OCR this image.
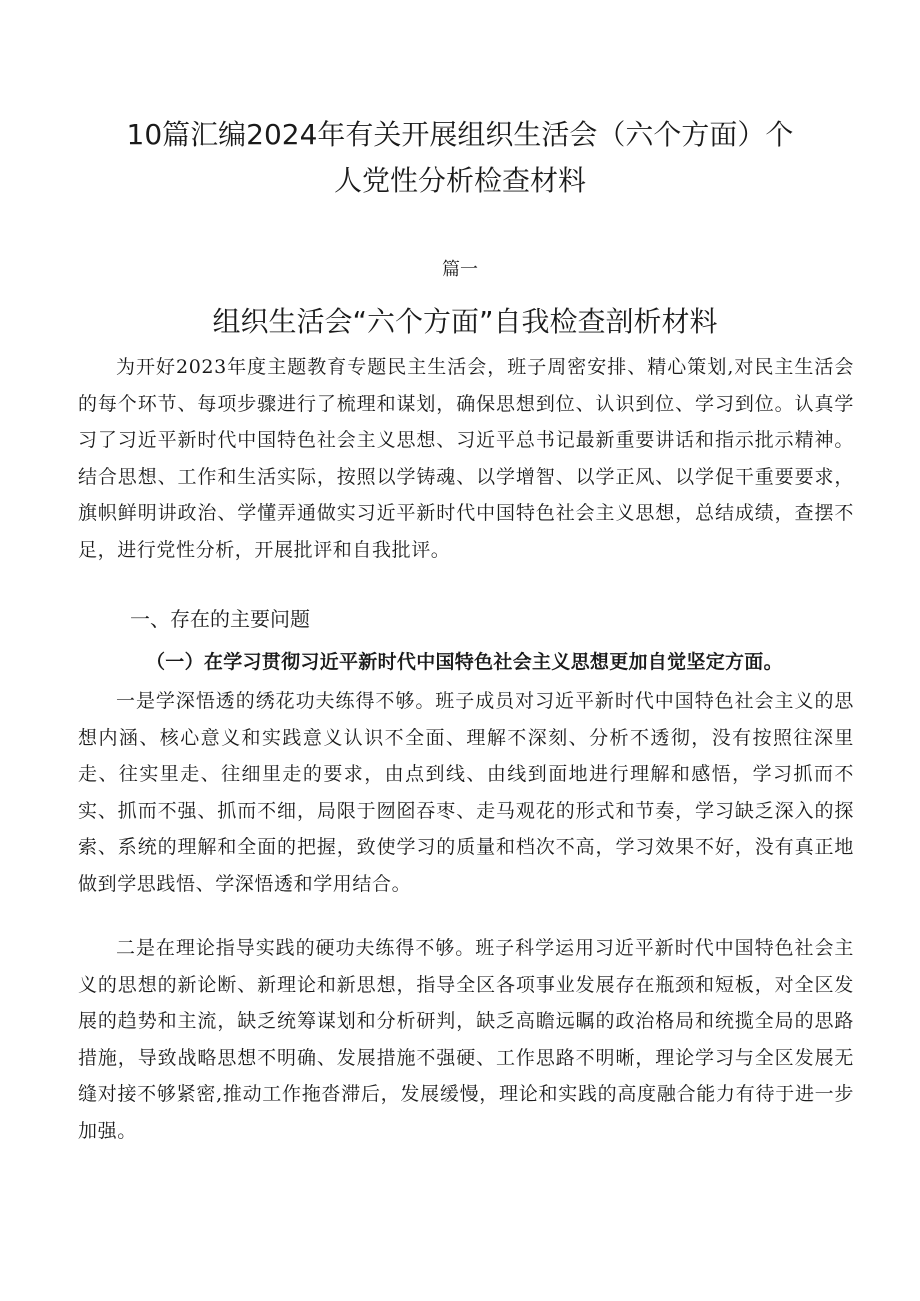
10篇汇编2024年有关开展组织生活会（六个方面）个
人党性分析检查材料

篇一

组织生活会“六个方面”自我检查剖析材料

为开好2023年度主题教育专题民主生活会，班子周密安排、精心策划,对民主生活会的每个环节、每项步骤进行了梳理和谋划，确保思想到位、认识到位、学习到位。认真学习了习近平新时代中国特色社会主义思想、习近平总书记最新重要讲话和指示批示精神。结合思想、工作和生活实际，按照以学铸魂、以学增智、以学正风、以学促干重要要求，旗帜鲜明讲政治、学懂弄通做实习近平新时代中国特色社会主义思想，总结成绩，查摆不足，进行党性分析，开展批评和自我批评。

一、存在的主要问题
（一）在学习贯彻习近平新时代中国特色社会主义思想更加自觉坚定方面。

一是学深悟透的绣花功夫练得不够。班子成员对习近平新时代中国特色社会主义的思想内涵、核心意义和实践意义认识不全面、理解不深刻、分析不透彻，没有按照往深里走、往实里走、往细里走的要求，由点到线、由线到面地进行理解和感悟，学习抓而不实、抓而不强、抓而不细，局限于囫囵吞枣、走马观花的形式和节奏，学习缺乏深入的探索、系统的理解和全面的把握，致使学习的质量和档次不高，学习效果不好，没有真正地做到学思践悟、学深悟透和学用结合。

二是在理论指导实践的硬功夫练得不够。班子科学运用习近平新时代中国特色社会主义的思想的新论断、新理论和新思想，指导全区各项事业发展存在瓶颈和短板，对全区发展的趋势和主流，缺乏统筹谋划和分析研判，缺乏高瞻远瞩的政治格局和统揽全局的思路措施，导致战略思想不明确、发展措施不强硬、工作思路不明晰，理论学习与全区发展无缝对接不够紧密,推动工作拖沓滞后，发展缓慢，理论和实践的高度融合能力有待于进一步加强。
